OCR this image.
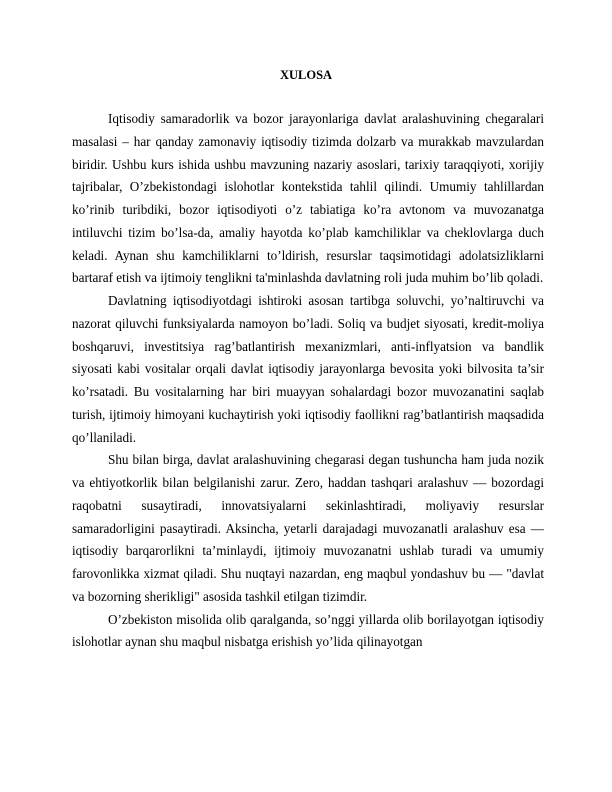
XULOSA

Iqtisodiy samaradorlik va bozor jarayonlariga davlat aralashuvining chegaralari masalasi – har qanday zamonaviy iqtisodiy tizimda dolzarb va murakkab mavzulardan biridir. Ushbu kurs ishida ushbu mavzuning nazariy asoslari, tarixiy taraqqiyoti, xorijiy tajribalar, O’zbekistondagi islohotlar kontekstida tahlil qilindi. Umumiy tahlillardan ko’rinib turibdiki, bozor iqtisodiyoti o’z tabiatiga ko’ra avtonom va muvozanatga intiluvchi tizim bo’lsa-da, amaliy hayotda ko’plab kamchiliklar va cheklovlarga duch keladi. Aynan shu kamchiliklarni to’ldirish, resurslar taqsimotidagi adolatsizliklarni bartaraf etish va ijtimoiy tenglikni ta'minlashda davlatning roli juda muhim bo’lib qoladi.

Davlatning iqtisodiyotdagi ishtiroki asosan tartibga soluvchi, yo’naltiruvchi va nazorat qiluvchi funksiyalarda namoyon bo’ladi. Soliq va budjet siyosati, kredit-moliya boshqaruvi, investitsiya rag’batlantirish mexanizmlari, anti-inflyatsion va bandlik siyosati kabi vositalar orqali davlat iqtisodiy jarayonlarga bevosita yoki bilvosita ta’sir ko’rsatadi. Bu vositalarning har biri muayyan sohalardagi bozor muvozanatini saqlab turish, ijtimoiy himoyani kuchaytirish yoki iqtisodiy faollikni rag’batlantirish maqsadida qo’llaniladi.

Shu bilan birga, davlat aralashuvining chegarasi degan tushuncha ham juda nozik va ehtiyotkorlik bilan belgilanishi zarur. Zero, haddan tashqari aralashuv — bozordagi raqobatni susaytiradi, innovatsiyalarni sekinlashtiradi, moliyaviy resurslar samaradorligini pasaytiradi. Aksincha, yetarli darajadagi muvozanatli aralashuv esa — iqtisodiy barqarorlikni ta’minlaydi, ijtimoiy muvozanatni ushlab turadi va umumiy farovonlikka xizmat qiladi. Shu nuqtayi nazardan, eng maqbul yondashuv bu — "davlat va bozorning sherikligi" asosida tashkil etilgan tizimdir.

O’zbekiston misolida olib qaralganda, so’nggi yillarda olib borilayotgan iqtisodiy islohotlar aynan shu maqbul nisbatga erishish yo’lida qilinayotgan
